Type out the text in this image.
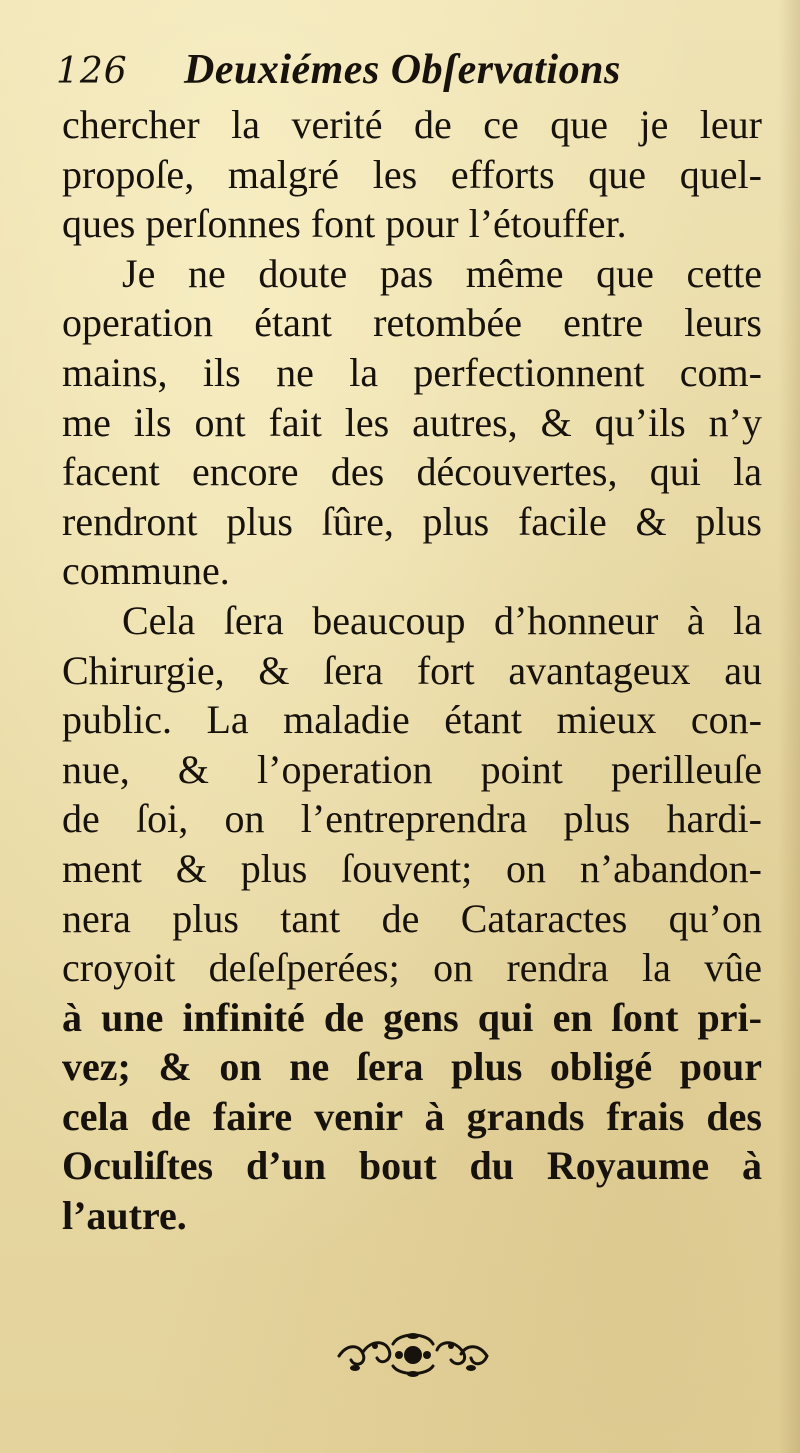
126	Deuxiémes Obſervations
chercher la verité de ce que je leur
propoſe, malgré les efforts que quel-
ques perſonnes font pour l’étouffer.
Je ne doute pas même que cette
operation étant retombée entre leurs
mains, ils ne la perfectionnent com-
me ils ont fait les autres, & qu’ils n’y
facent encore des découvertes, qui la
rendront plus ſûre, plus facile & plus
commune.
Cela ſera beaucoup d’honneur à la
Chirurgie, & ſera fort avantageux au
public. La maladie étant mieux con-
nue, & l’operation point perilleuſe
de ſoi, on l’entreprendra plus hardi-
ment & plus ſouvent; on n’abandon-
nera plus tant de Cataractes qu’on
croyoit deſeſperées; on rendra la vûe
à une infinité de gens qui en ſont pri-
vez; & on ne ſera plus obligé pour
cela de faire venir à grands frais des
Oculiſtes d’un bout du Royaume à
l’autre.
